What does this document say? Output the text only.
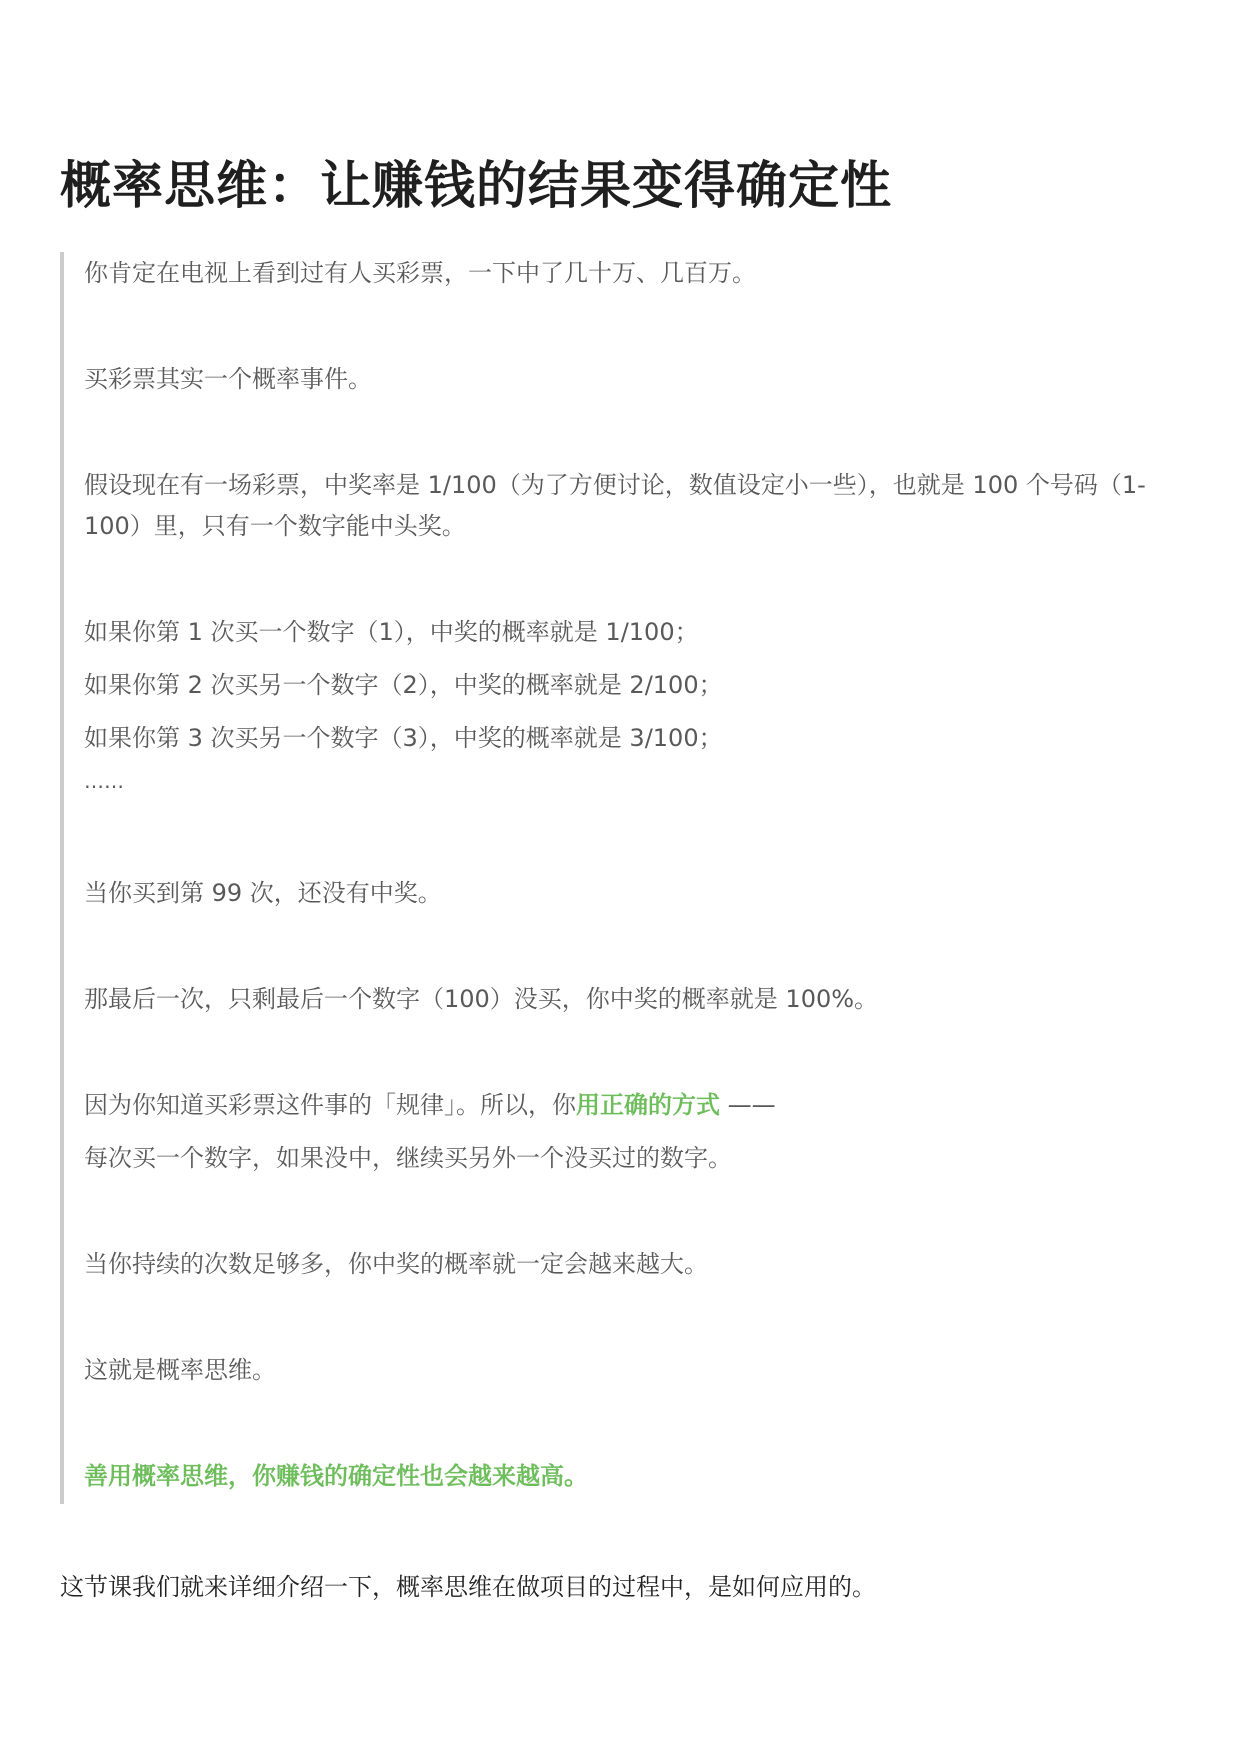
概率思维：让赚钱的结果变得确定性

你肯定在电视上看到过有人买彩票，一下中了几十万、几百万。

买彩票其实一个概率事件。

假设现在有一场彩票，中奖率是 1/100（为了方便讨论，数值设定小一些），也就是 100 个号码（1-

100）里，只有一个数字能中头奖。

如果你第 1 次买一个数字（1），中奖的概率就是 1/100；

如果你第 2 次买另一个数字（2），中奖的概率就是 2/100；

如果你第 3 次买另一个数字（3），中奖的概率就是 3/100；

……

当你买到第 99 次，还没有中奖。

那最后一次，只剩最后一个数字（100）没买，你中奖的概率就是 100%。

因为你知道买彩票这件事的「规律」。所以，你用正确的方式 ——

每次买一个数字，如果没中，继续买另外一个没买过的数字。

当你持续的次数足够多，你中奖的概率就一定会越来越大。

这就是概率思维。

善用概率思维，你赚钱的确定性也会越来越高。

这节课我们就来详细介绍一下，概率思维在做项目的过程中，是如何应用的。
